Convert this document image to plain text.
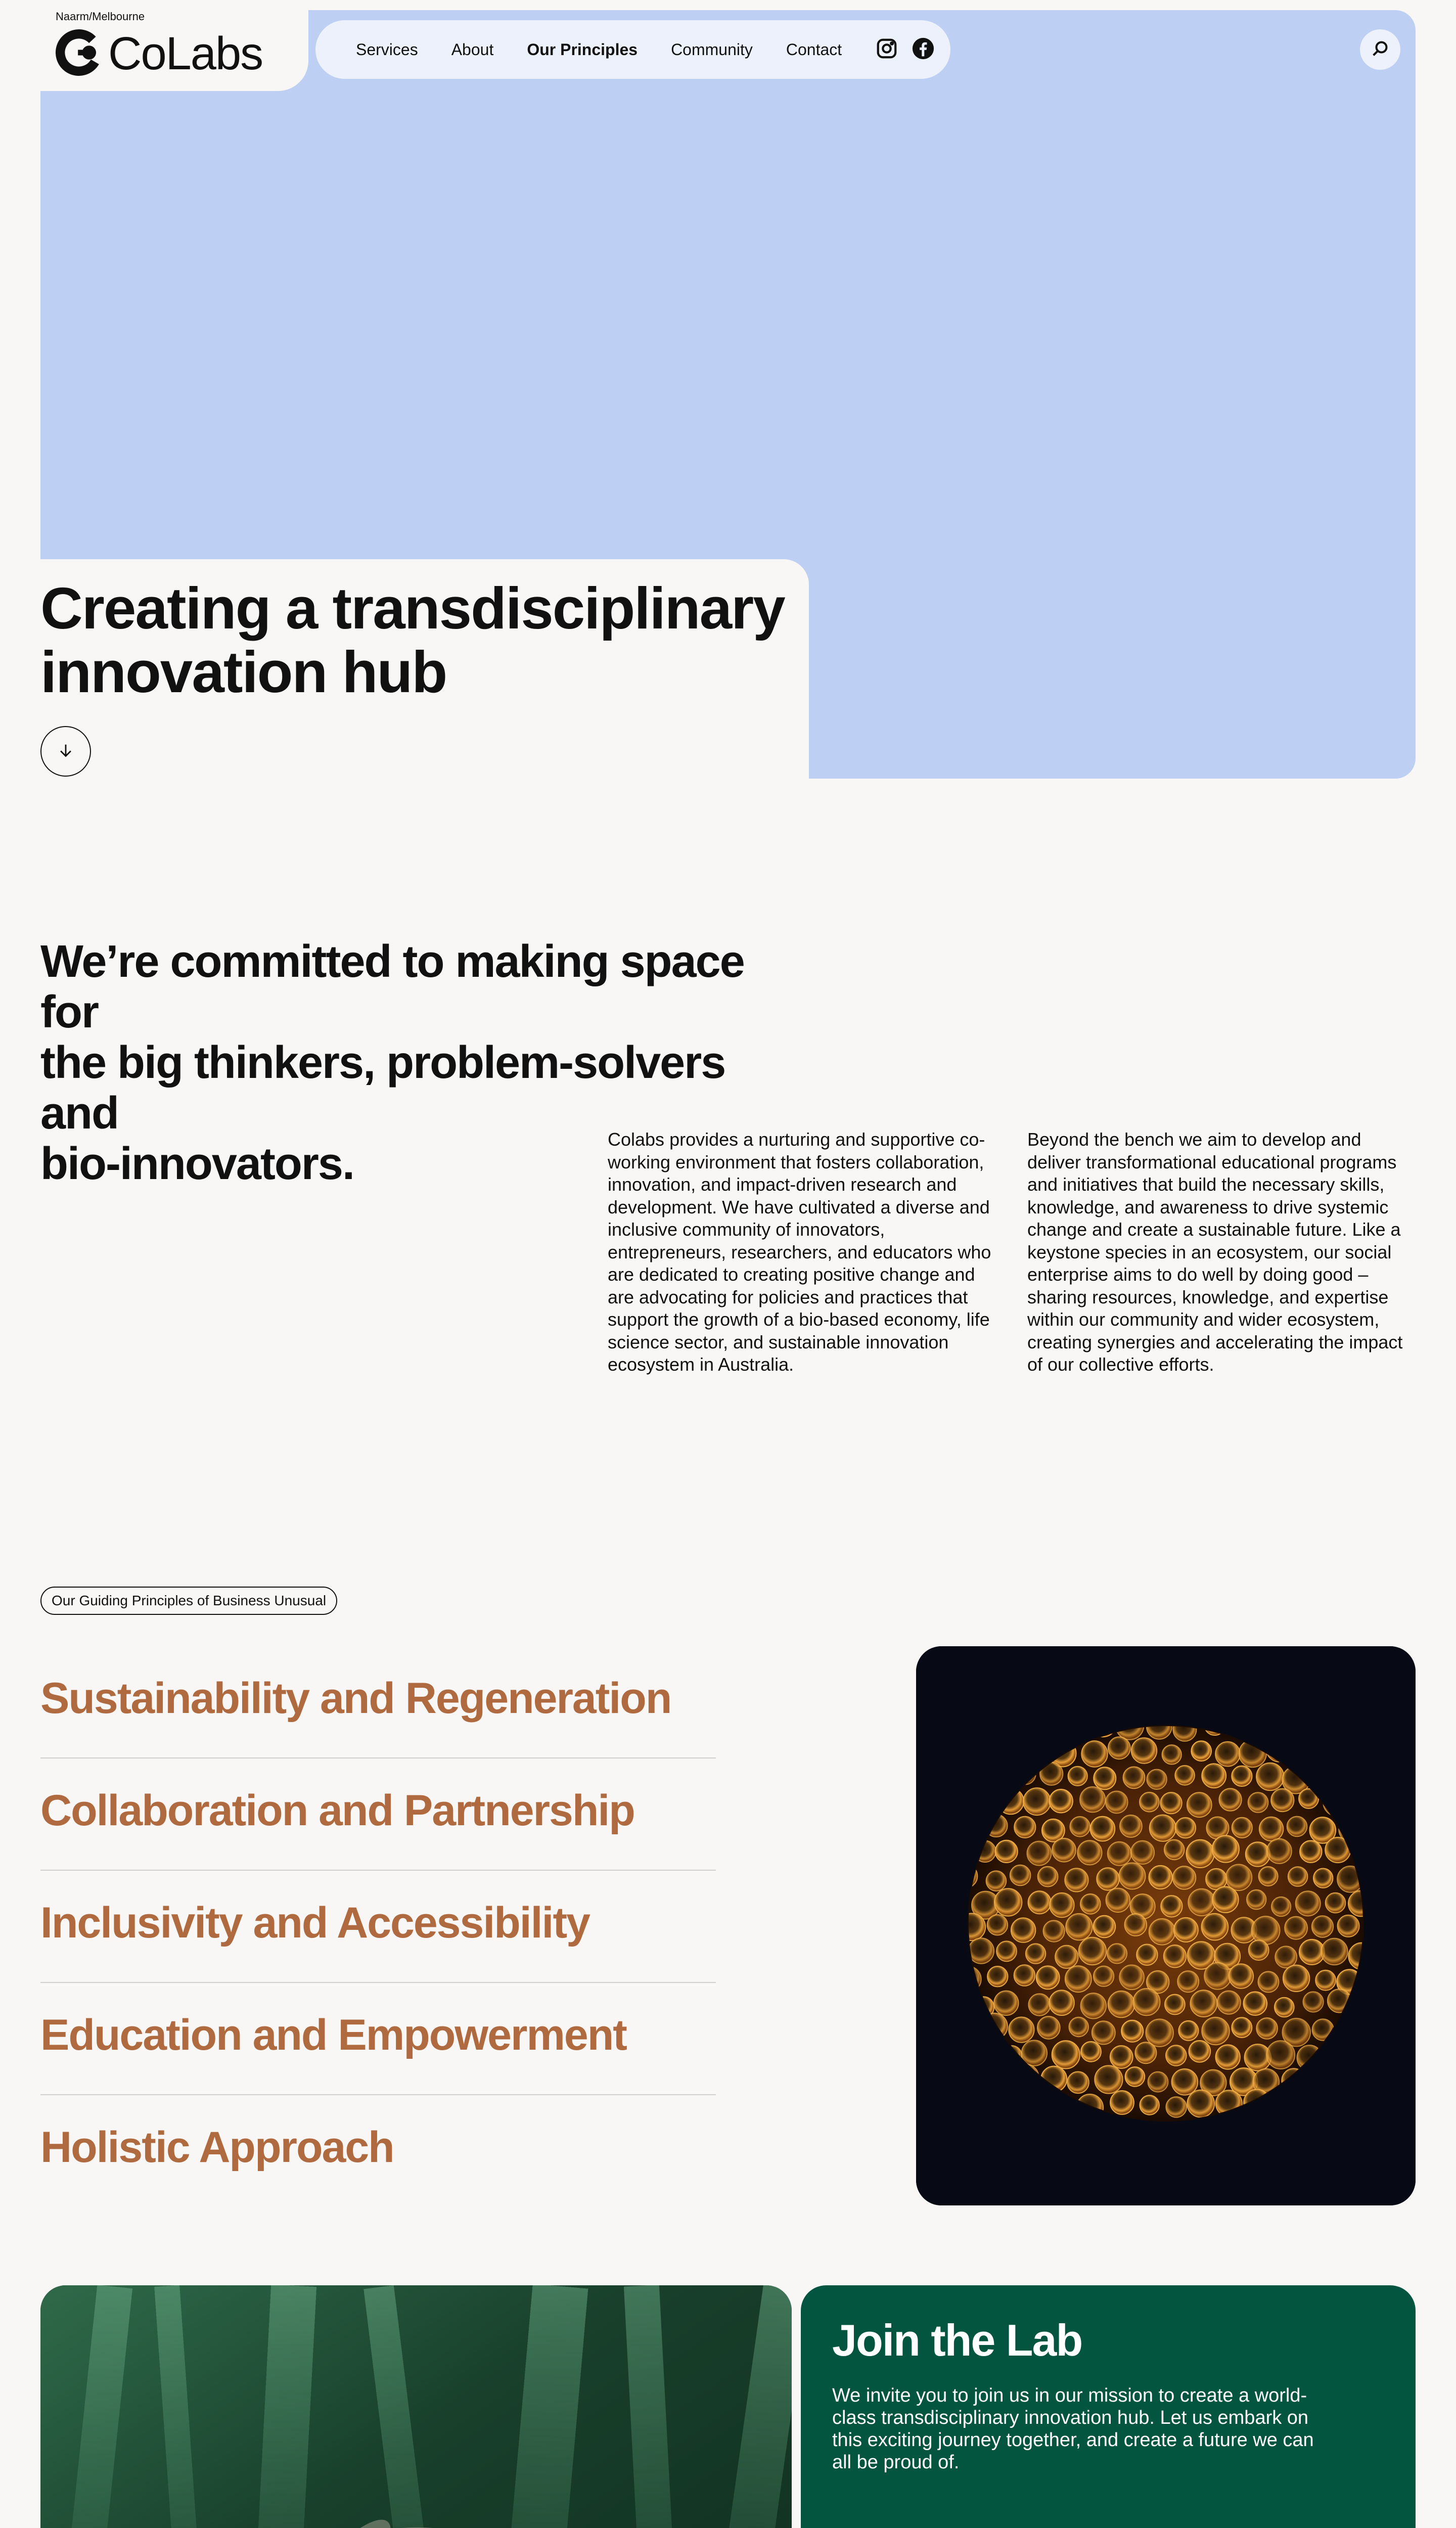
Naarm/Melbourne
CoLabs	Services About Our Principles Community Contact
Creating a transdisciplinary
innovation hub
We’re committed to making space for
the big thinkers, problem-solvers and
bio-innovators.	Colabs provides a nurturing and supportive co-working environment that fosters collaboration, innovation, and impact-driven research and development. We have cultivated a diverse and inclusive community of innovators, entrepreneurs, researchers, and educators who are dedicated to creating positive change and are advocating for policies and practices that support the growth of a bio-based economy, life science sector, and sustainable innovation ecosystem in Australia.

Beyond the bench we aim to develop and deliver transformational educational programs and initiatives that build the necessary skills, knowledge, and awareness to drive systemic change and create a sustainable future. Like a keystone species in an ecosystem, our social enterprise aims to do well by doing good – sharing resources, knowledge, and expertise within our community and wider ecosystem, creating synergies and accelerating the impact of our collective efforts.

Our Guiding Principles of Business Unusual
Sustainability and Regeneration
Collaboration and Partnership
Inclusivity and Accessibility
Education and Empowerment
Holistic Approach
Join the Lab

We invite you to join us in our mission to create a world-class transdisciplinary innovation hub. Let us embark on this exciting journey together, and create a future we can all be proud of.
